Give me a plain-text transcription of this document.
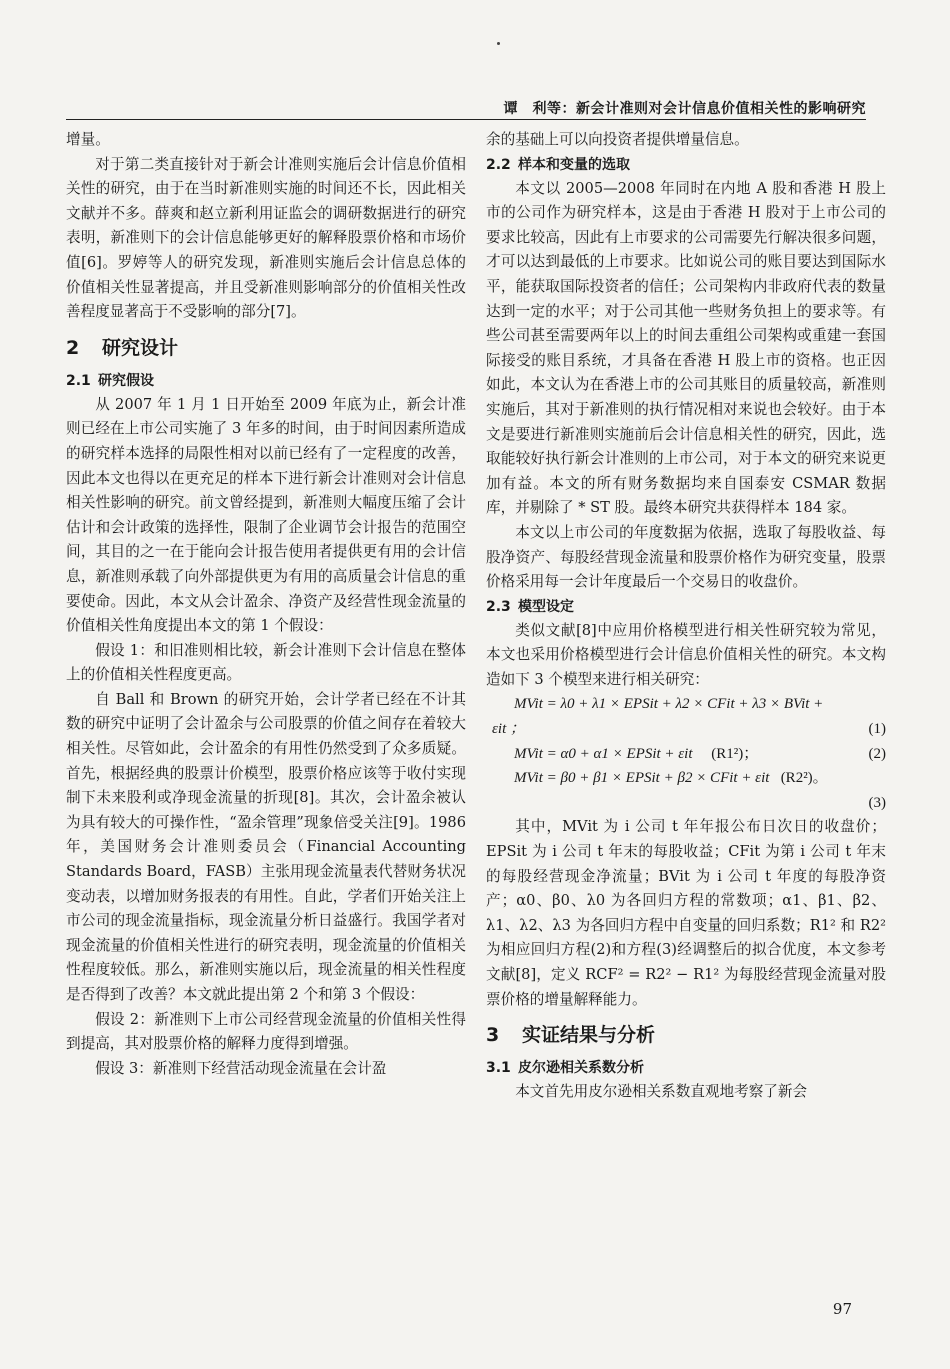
谭　利等：新会计准则对会计信息价值相关性的影响研究

增量。

对于第二类直接针对于新会计准则实施后会计信息价值相关性的研究，由于在当时新准则实施的时间还不长，因此相关文献并不多。薛爽和赵立新利用证监会的调研数据进行的研究表明，新准则下的会计信息能够更好的解释股票价格和市场价值[6]。罗婷等人的研究发现，新准则实施后会计信息总体的价值相关性显著提高，并且受新准则影响部分的价值相关性改善程度显著高于不受影响的部分[7]。

2 研究设计
2.1 研究假设

从 2007 年 1 月 1 日开始至 2009 年底为止，新会计准则已经在上市公司实施了 3 年多的时间，由于时间因素所造成的研究样本选择的局限性相对以前已经有了一定程度的改善，因此本文也得以在更充足的样本下进行新会计准则对会计信息相关性影响的研究。前文曾经提到，新准则大幅度压缩了会计估计和会计政策的选择性，限制了企业调节会计报告的范围空间，其目的之一在于能向会计报告使用者提供更有用的会计信息，新准则承载了向外部提供更为有用的高质量会计信息的重要使命。因此，本文从会计盈余、净资产及经营性现金流量的价值相关性角度提出本文的第 1 个假设：

假设 1：和旧准则相比较，新会计准则下会计信息在整体上的价值相关性程度更高。

自 Ball 和 Brown 的研究开始，会计学者已经在不计其数的研究中证明了会计盈余与公司股票的价值之间存在着较大相关性。尽管如此，会计盈余的有用性仍然受到了众多质疑。首先，根据经典的股票计价模型，股票价格应该等于收付实现制下未来股利或净现金流量的折现[8]。其次，会计盈余被认为具有较大的可操作性，“盈余管理”现象倍受关注[9]。1986 年，美国财务会计准则委员会（Financial Accounting Standards Board，FASB）主张用现金流量表代替财务状况变动表，以增加财务报表的有用性。自此，学者们开始关注上市公司的现金流量指标，现金流量分析日益盛行。我国学者对现金流量的价值相关性进行的研究表明，现金流量的价值相关性程度较低。那么，新准则实施以后，现金流量的相关性程度是否得到了改善？本文就此提出第 2 个和第 3 个假设：

假设 2：新准则下上市公司经营现金流量的价值相关性得到提高，其对股票价格的解释力度得到增强。

假设 3：新准则下经营活动现金流量在会计盈

余的基础上可以向投资者提供增量信息。

2.2 样本和变量的选取

本文以 2005—2008 年同时在内地 A 股和香港 H 股上市的公司作为研究样本，这是由于香港 H 股对于上市公司的要求比较高，因此有上市要求的公司需要先行解决很多问题，才可以达到最低的上市要求。比如说公司的账目要达到国际水平，能获取国际投资者的信任；公司架构内非政府代表的数量达到一定的水平；对于公司其他一些财务负担上的要求等。有些公司甚至需要两年以上的时间去重组公司架构或重建一套国际接受的账目系统，才具备在香港 H 股上市的资格。也正因如此，本文认为在香港上市的公司其账目的质量较高，新准则实施后，其对于新准则的执行情况相对来说也会较好。由于本文是要进行新准则实施前后会计信息相关性的研究，因此，选取能较好执行新会计准则的上市公司，对于本文的研究来说更加有益。本文的所有财务数据均来自国泰安 CSMAR 数据库，并剔除了 * ST 股。最终本研究共获得样本 184 家。

本文以上市公司的年度数据为依据，选取了每股收益、每股净资产、每股经营现金流量和股票价格作为研究变量，股票价格采用每一会计年度最后一个交易日的收盘价。

2.3 模型设定

类似文献[8]中应用价格模型进行相关性研究较为常见，本文也采用价格模型进行会计信息价值相关性的研究。本文构造如下 3 个模型来进行相关研究：

MVit = λ0 + λ1 × EPSit + λ2 × CFit + λ3 × BVit +
εit ；	(1)
MVit = α0 + α1 × EPSit + εit (R1²)；	(2)
MVit = β0 + β1 × EPSit + β2 × CFit + εit (R2²)。

(3)

其中，MVit 为 i 公司 t 年年报公布日次日的收盘价；EPSit 为 i 公司 t 年末的每股收益；CFit 为第 i 公司 t 年末的每股经营现金净流量；BVit 为 i 公司 t 年度的每股净资产；α0、β0、λ0 为各回归方程的常数项；α1、β1、β2、λ1、λ2、λ3 为各回归方程中自变量的回归系数；R1² 和 R2² 为相应回归方程(2)和方程(3)经调整后的拟合优度，本文参考文献[8]，定义 RCF² = R2² − R1² 为每股经营现金流量对股票价格的增量解释能力。

3 实证结果与分析
3.1 皮尔逊相关系数分析

本文首先用皮尔逊相关系数直观地考察了新会

97
